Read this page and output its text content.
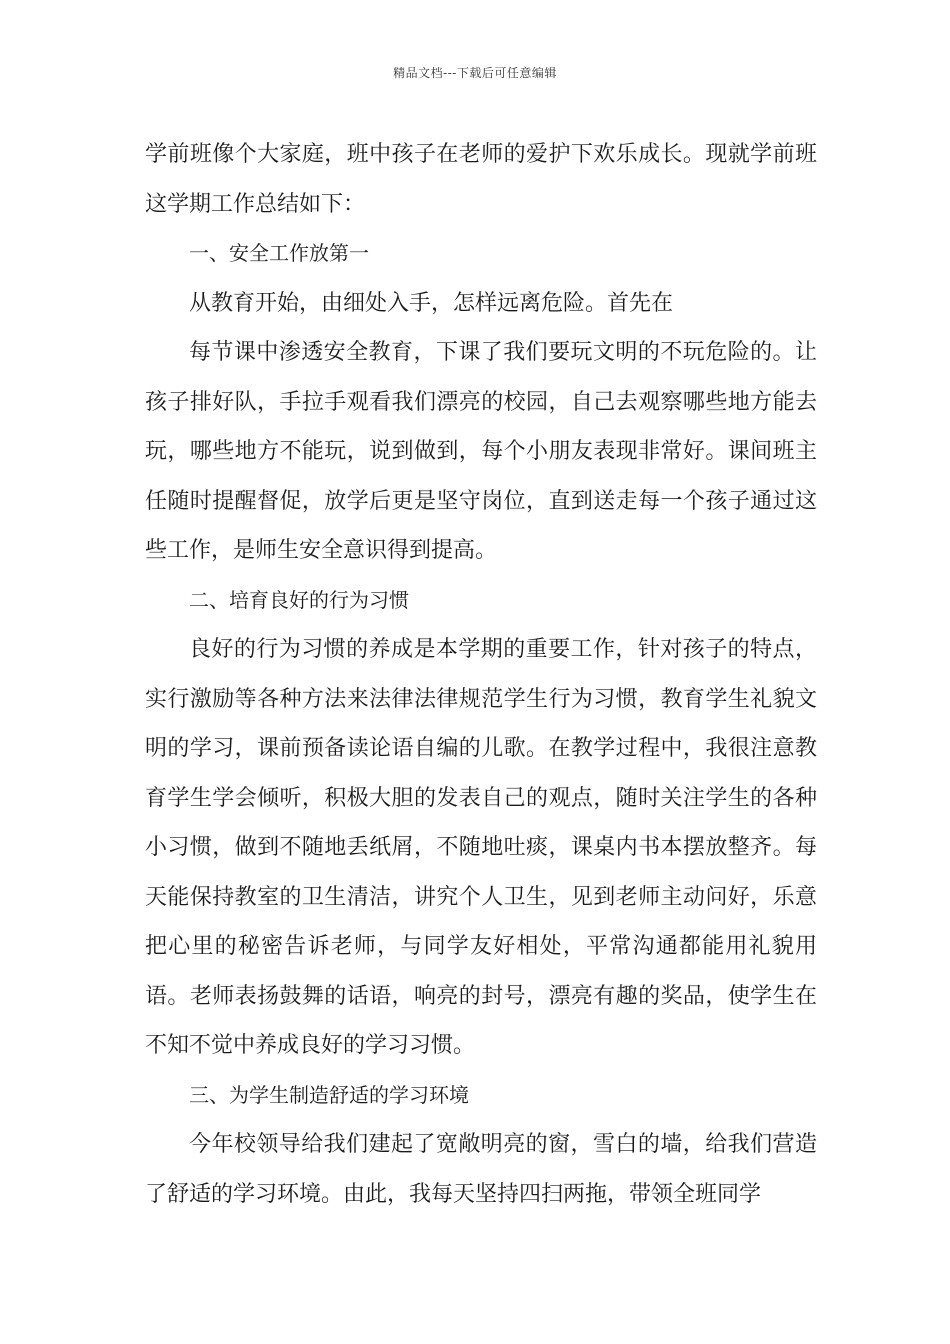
精品文档---下载后可任意编辑

学前班像个大家庭，班中孩子在老师的爱护下欢乐成长。现就学前班这学期工作总结如下：

一、安全工作放第一

从教育开始，由细处入手，怎样远离危险。首先在

每节课中渗透安全教育，下课了我们要玩文明的不玩危险的。让孩子排好队，手拉手观看我们漂亮的校园，自己去观察哪些地方能去玩，哪些地方不能玩，说到做到，每个小朋友表现非常好。课间班主任随时提醒督促，放学后更是坚守岗位，直到送走每一个孩子通过这些工作，是师生安全意识得到提高。

二、培育良好的行为习惯

良好的行为习惯的养成是本学期的重要工作，针对孩子的特点，实行激励等各种方法来法律法律规范学生行为习惯，教育学生礼貌文明的学习，课前预备读论语自编的儿歌。在教学过程中，我很注意教育学生学会倾听，积极大胆的发表自己的观点，随时关注学生的各种小习惯，做到不随地丢纸屑，不随地吐痰，课桌内书本摆放整齐。每天能保持教室的卫生清洁，讲究个人卫生，见到老师主动问好，乐意把心里的秘密告诉老师，与同学友好相处，平常沟通都能用礼貌用语。老师表扬鼓舞的话语，响亮的封号，漂亮有趣的奖品，使学生在不知不觉中养成良好的学习习惯。

三、为学生制造舒适的学习环境

今年校领导给我们建起了宽敞明亮的窗，雪白的墙，给我们营造了舒适的学习环境。由此，我每天坚持四扫两拖，带领全班同学
